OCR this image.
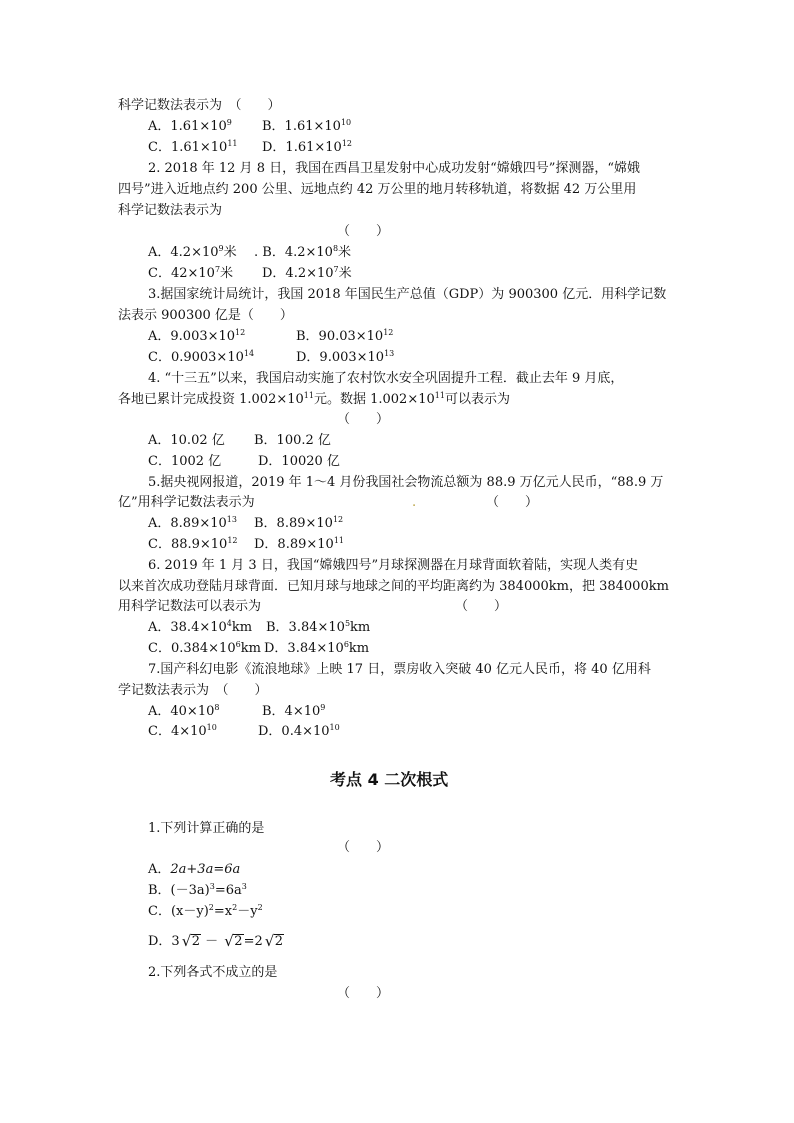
科学记数法表示为　（　　）
A．$1.61\times 10^9$ B．$1.61\times 10^{10}$
C．$1.61\times 10^{11}$ D．$1.61\times 10^{12}$
2. 2018 年 12 月 8 日，我国在西昌卫星发射中心成功发射“嫦娥四号”探测器，“嫦娥
四号”进入近地点约 200 公里、远地点约 42 万公里的地月转移轨道，将数据 42 万公里用
科学记数法表示为
（　　）
A．$4.2\times 10^9$米 . B．$4.2\times 10^8$米
C．$42\times 10^7$米 D．$4.2\times 10^7$米
3.据国家统计局统计，我国 2018 年国民生产总值（GDP）为 900300 亿元．用科学记数
法表示 900300 亿是（　　）
A．$9.003\times 10^{12}$	B．$90.03\times 10^{12}$
C．$0.9003\times 10^{14}$	D．$9.003\times 10^{13}$
4. “十三五”以来，我国启动实施了农村饮水安全巩固提升工程．截止去年 9 月底，
各地已累计完成投资 $1.002\times 10^{11}$元。数据 $1.002\times 10^{11}$可以表示为
（　　）
A．10.02 亿 B．100.2 亿
C．1002 亿	D．10020 亿
5.据央视网报道，2019 年 1～4 月份我国社会物流总额为 88.9 万亿元人民币，“88.9 万
亿”用科学记数法表示为	.	（　　）
A．$8.89\times 10^{13}$ B．$8.89\times 10^{12}$
C．$88.9\times 10^{12}$ D．$8.89\times 10^{11}$
6. 2019 年 1 月 3 日，我国“嫦娥四号”月球探测器在月球背面软着陆，实现人类有史
以来首次成功登陆月球背面．已知月球与地球之间的平均距离约为 384000km，把 384000km
用科学记数法可以表示为	（　　）
A．$38.4\times 10^4km$ B．$3.84\times 10^5km$
C．$0.384\times 10^6km$ D．$3.84\times 10^6km$
7.国产科幻电影《流浪地球》上映 17 日，票房收入突破 40 亿元人民币，将 40 亿用科
学记数法表示为　（　　）
A．$40\times 10^8$	B．$4\times 10^9$
C．$4\times 10^{10}$	D．$0.4\times 10^{10}$
考点 4 二次根式
1.下列计算正确的是
（　　）
A．2a+3a=6a
B．$(-3a)^3=6a^3$
C．$(x-y)^2=x^2-y^2$
D．3 √ 2 － √ 2=2 √ 2
2.下列各式不成立的是
（　　）
